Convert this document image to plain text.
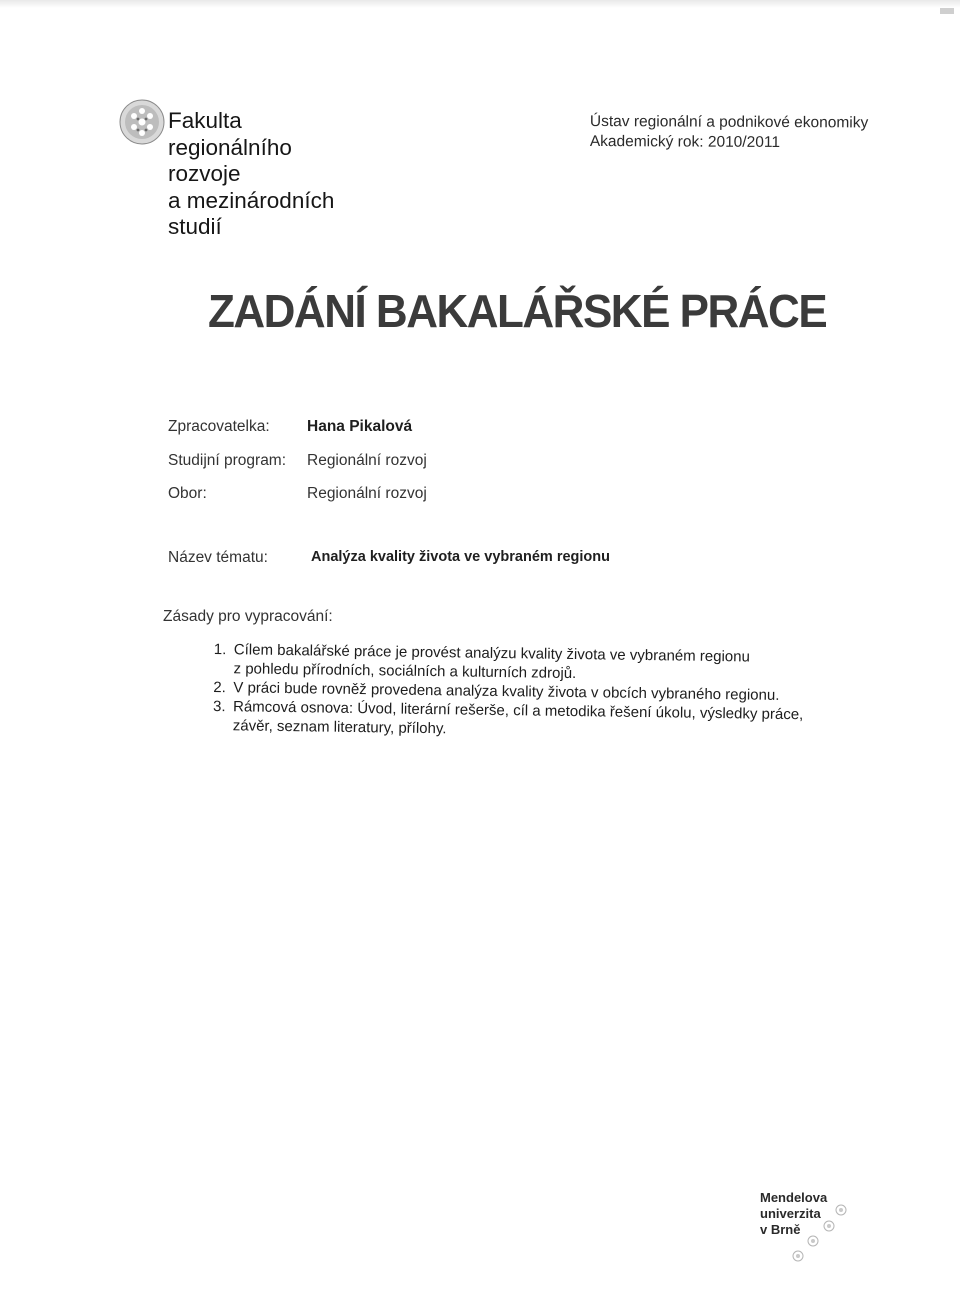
Fakulta
regionálního
rozvoje
a mezinárodních
studií
Ústav regionální a podnikové ekonomiky
Akademický rok: 2010/2011
ZADÁNÍ BAKALÁŘSKÉ PRÁCE
Zpracovatelka: Hana Pikalová
Studijní program: Regionální rozvoj
Obor:	Regionální rozvoj
Název tématu:	Analýza kvality života ve vybraném regionu
Zásady pro vypracování:
1. Cílem bakalářské práce je provést analýzu kvality života ve vybraném regionu
z pohledu přírodních, sociálních a kulturních zdrojů.
2. V práci bude rovněž provedena analýza kvality života v obcích vybraného regionu.
3. Rámcová osnova: Úvod, literární rešerše, cíl a metodika řešení úkolu, výsledky práce,
závěr, seznam literatury, přílohy.
Mendelova
univerzita
v Brně
